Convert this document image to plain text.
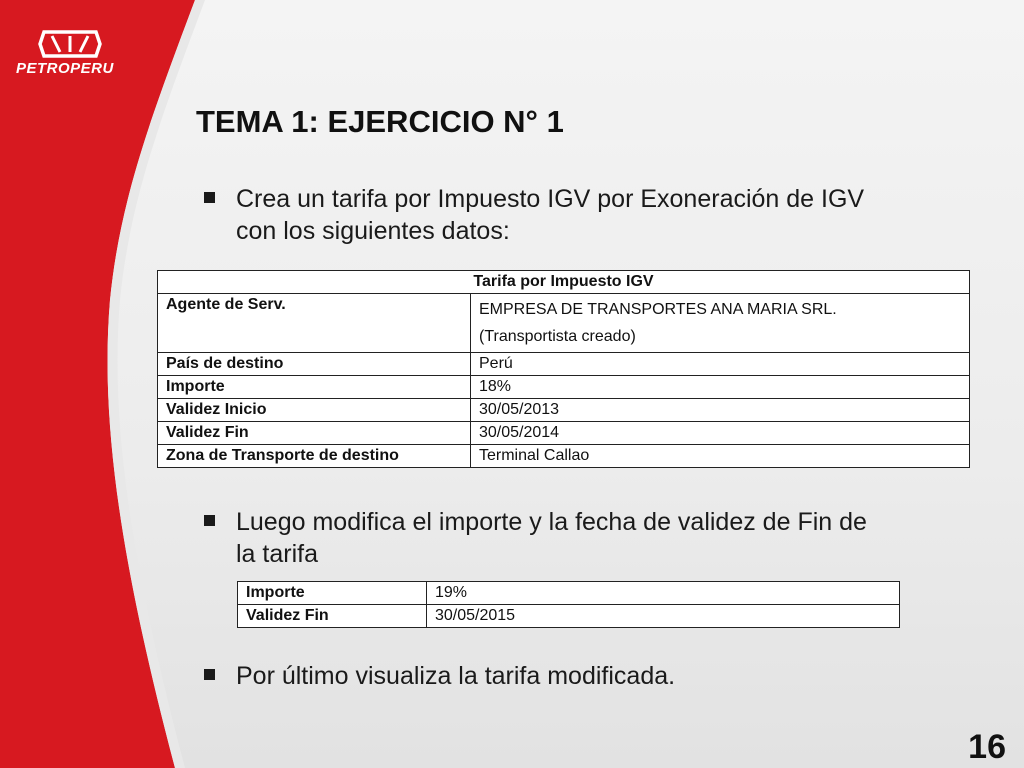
PETROPERU
TEMA 1: EJERCICIO N° 1
Crea un tarifa por Impuesto IGV por Exoneración de IGV con los siguientes datos:
Tarifa por Impuesto IGV	
Agente de Serv.	EMPRESA DE TRANSPORTES ANA MARIA SRL.
(Transportista creado)

País de destino	Perú
Importe	18%
Validez Inicio	30/05/2013
Validez Fin	30/05/2014
Zona de Transporte de destino	Terminal Callao
Luego modifica el importe y la fecha de validez de Fin de la tarifa
Importe	19%
Validez Fin	30/05/2015
Por último visualiza la tarifa modificada.
16
